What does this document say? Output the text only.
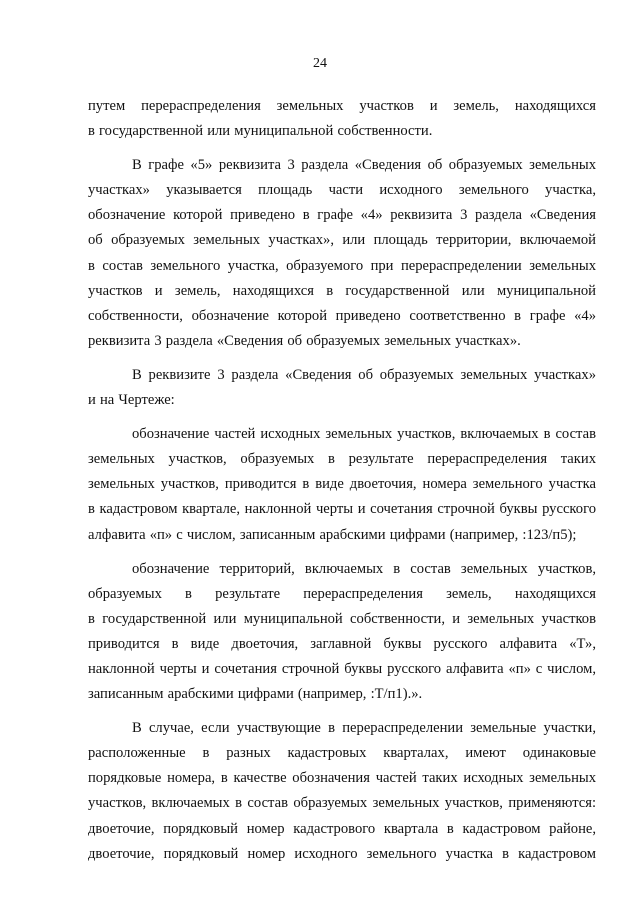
24

путем перераспределения земельных участков и земель, находящихся

в государственной или муниципальной собственности.

В графе «5» реквизита 3 раздела «Сведения об образуемых земельных

участках» указывается площадь части исходного земельного участка,

обозначение которой приведено в графе «4» реквизита 3 раздела «Сведения

об образуемых земельных участках», или площадь территории, включаемой

в состав земельного участка, образуемого при перераспределении земельных

участков и земель, находящихся в государственной или муниципальной

собственности, обозначение которой приведено соответственно в графе «4»

реквизита 3 раздела «Сведения об образуемых земельных участках».

В реквизите 3 раздела «Сведения об образуемых земельных участках»

и на Чертеже:

обозначение частей исходных земельных участков, включаемых в состав

земельных участков, образуемых в результате перераспределения таких

земельных участков, приводится в виде двоеточия, номера земельного участка

в кадастровом квартале, наклонной черты и сочетания строчной буквы русского

алфавита «п» с числом, записанным арабскими цифрами (например, :123/п5);

обозначение территорий, включаемых в состав земельных участков,

образуемых в результате перераспределения земель, находящихся

в государственной или муниципальной собственности, и земельных участков

приводится в виде двоеточия, заглавной буквы русского алфавита «Т»,

наклонной черты и сочетания строчной буквы русского алфавита «п» с числом,

записанным арабскими цифрами (например, :Т/п1).».

В случае, если участвующие в перераспределении земельные участки,

расположенные в разных кадастровых кварталах, имеют одинаковые

порядковые номера, в качестве обозначения частей таких исходных земельных

участков, включаемых в состав образуемых земельных участков, применяются:

двоеточие, порядковый номер кадастрового квартала в кадастровом районе,

двоеточие, порядковый номер исходного земельного участка в кадастровом
